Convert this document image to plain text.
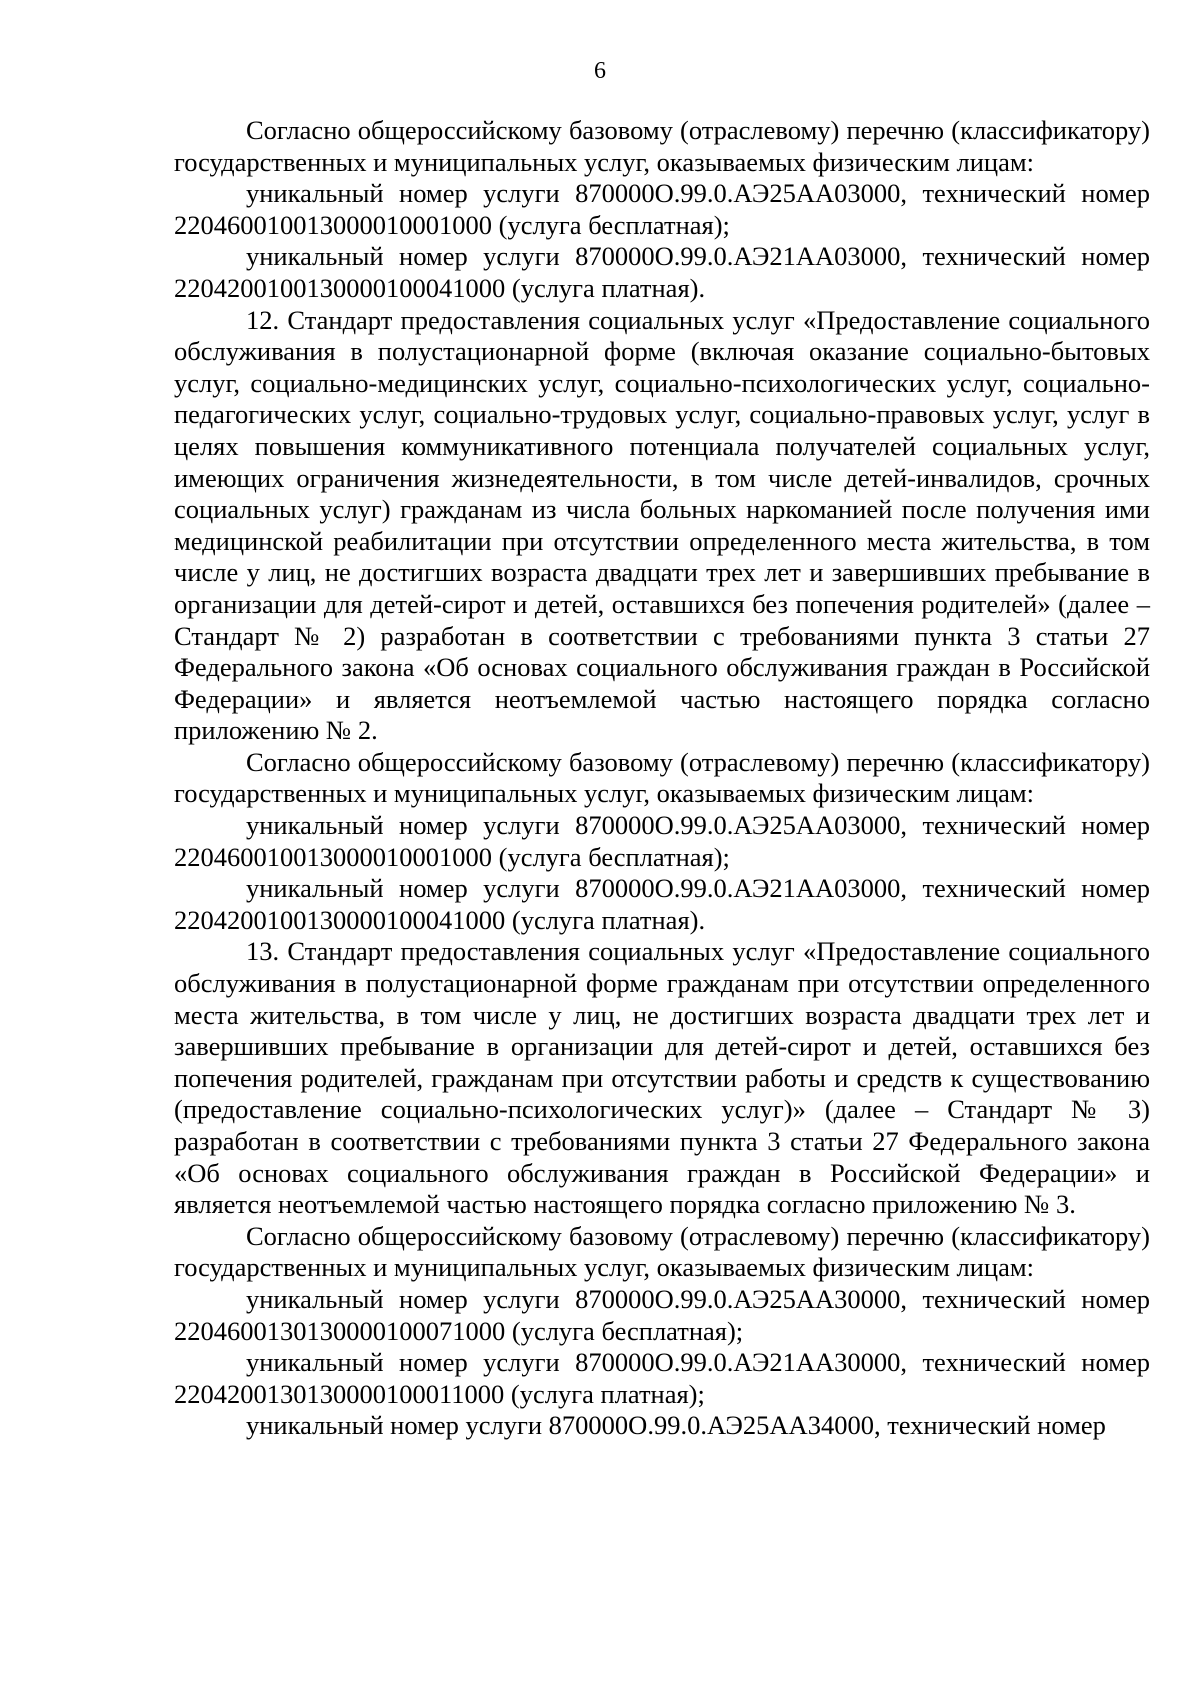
6

Согласно общероссийскому базовому (отраслевому) перечню (классификатору) государственных и муниципальных услуг, оказываемых физическим лицам:

уникальный номер услуги 870000О.99.0.АЭ25АА03000, технический номер 220460010013000010001000 (услуга бесплатная);

уникальный номер услуги 870000О.99.0.АЭ21АА03000, технический номер 2204200100130000100041000 (услуга платная).

12. Стандарт предоставления социальных услуг «Предоставление социального обслуживания в полустационарной форме (включая оказание социально-бытовых услуг, социально-медицинских услуг, социально-психологических услуг, социально-педагогических услуг, социально-трудовых услуг, социально-правовых услуг, услуг в целях повышения коммуникативного потенциала получателей социальных услуг, имеющих ограничения жизнедеятельности, в том числе детей-инвалидов, срочных социальных услуг) гражданам из числа больных наркоманией после получения ими медицинской реабилитации при отсутствии определенного места жительства, в том числе у лиц, не достигших возраста двадцати трех лет и завершивших пребывание в организации для детей-сирот и детей, оставшихся без попечения родителей» (далее – Стандарт № 2) разработан в соответствии с требованиями пункта 3 статьи 27 Федерального закона «Об основах социального обслуживания граждан в Российской Федерации» и является неотъемлемой частью настоящего порядка согласно приложению № 2.

Согласно общероссийскому базовому (отраслевому) перечню (классификатору) государственных и муниципальных услуг, оказываемых физическим лицам:

уникальный номер услуги 870000О.99.0.АЭ25АА03000, технический номер 220460010013000010001000 (услуга бесплатная);

уникальный номер услуги 870000О.99.0.АЭ21АА03000, технический номер 2204200100130000100041000 (услуга платная).

13. Стандарт предоставления социальных услуг «Предоставление социального обслуживания в полустационарной форме гражданам при отсутствии определенного места жительства, в том числе у лиц, не достигших возраста двадцати трех лет и завершивших пребывание в организации для детей-сирот и детей, оставшихся без попечения родителей, гражданам при отсутствии работы и средств к существованию (предоставление социально-психологических услуг)» (далее – Стандарт № 3) разработан в соответствии с требованиями пункта 3 статьи 27 Федерального закона «Об основах социального обслуживания граждан в Российской Федерации» и является неотъемлемой частью настоящего порядка согласно приложению № 3.

Согласно общероссийскому базовому (отраслевому) перечню (классификатору) государственных и муниципальных услуг, оказываемых физическим лицам:

уникальный номер услуги 870000О.99.0.АЭ25АА30000, технический номер 2204600130130000100071000 (услуга бесплатная);

уникальный номер услуги 870000О.99.0.АЭ21АА30000, технический номер 2204200130130000100011000 (услуга платная);

уникальный номер услуги 870000О.99.0.АЭ25АА34000, технический номер
